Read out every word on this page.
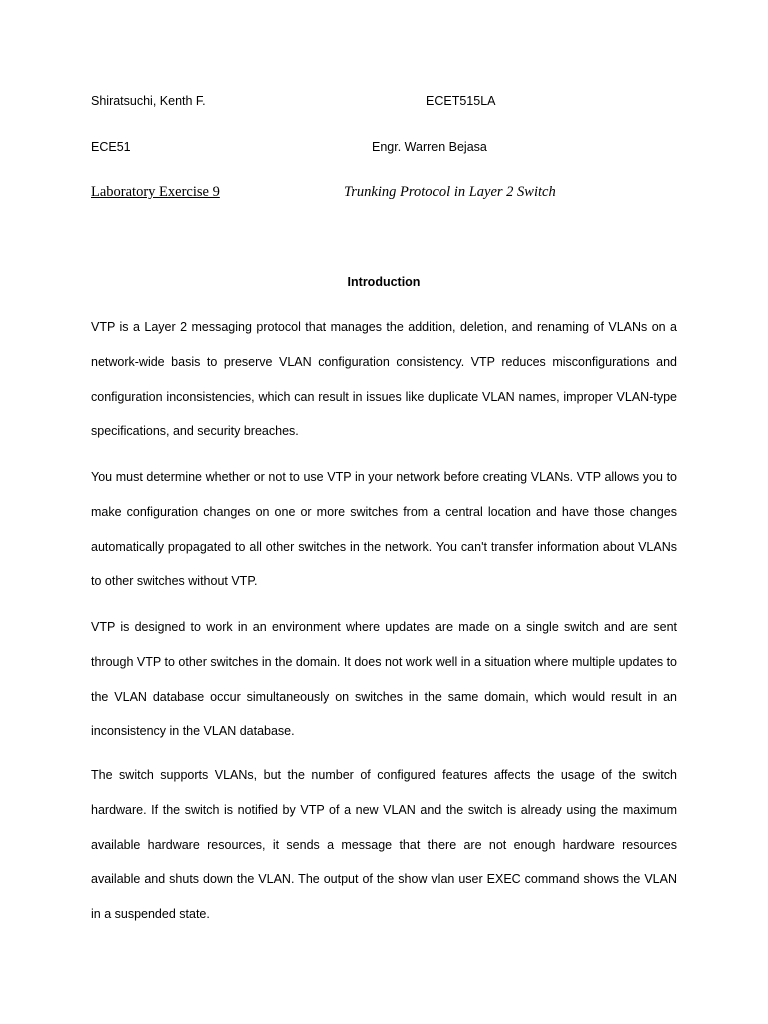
Shiratsuchi, Kenth F.	ECET515LA
ECE51	Engr. Warren Bejasa
Laboratory Exercise 9	Trunking Protocol in Layer 2 Switch
Introduction

VTP is a Layer 2 messaging protocol that manages the addition, deletion, and renaming of VLANs on a network-wide basis to preserve VLAN configuration consistency. VTP reduces misconfigurations and configuration inconsistencies, which can result in issues like duplicate VLAN names, improper VLAN-type specifications, and security breaches.

You must determine whether or not to use VTP in your network before creating VLANs. VTP allows you to make configuration changes on one or more switches from a central location and have those changes automatically propagated to all other switches in the network. You can't transfer information about VLANs to other switches without VTP.

VTP is designed to work in an environment where updates are made on a single switch and are sent through VTP to other switches in the domain. It does not work well in a situation where multiple updates to the VLAN database occur simultaneously on switches in the same domain, which would result in an inconsistency in the VLAN database.

The switch supports VLANs, but the number of configured features affects the usage of the switch hardware. If the switch is notified by VTP of a new VLAN and the switch is already using the maximum available hardware resources, it sends a message that there are not enough hardware resources available and shuts down the VLAN. The output of the show vlan user EXEC command shows the VLAN in a suspended state.
